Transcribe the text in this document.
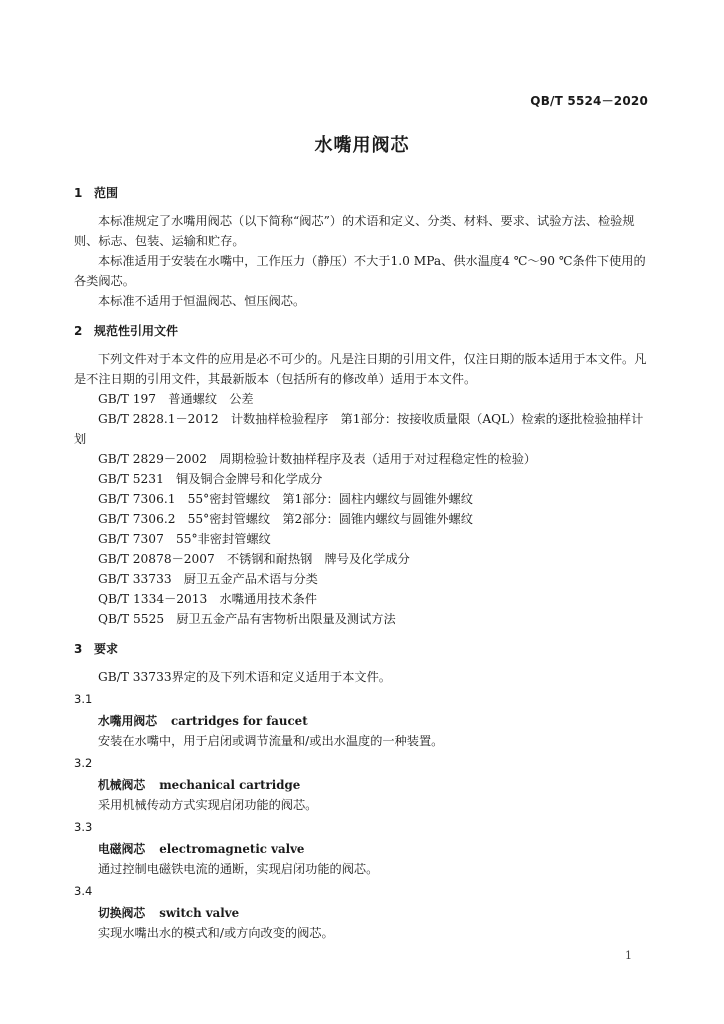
QB/T 5524－2020
水嘴用阀芯
1 范围

本标准规定了水嘴用阀芯（以下简称“阀芯”）的术语和定义、分类、材料、要求、试验方法、检验规则、标志、包装、运输和贮存。

本标准适用于安装在水嘴中，工作压力（静压）不大于1.0 MPa、供水温度4 ℃～90 ℃条件下使用的各类阀芯。

本标准不适用于恒温阀芯、恒压阀芯。

2 规范性引用文件

下列文件对于本文件的应用是必不可少的。凡是注日期的引用文件，仅注日期的版本适用于本文件。凡是不注日期的引用文件，其最新版本（包括所有的修改单）适用于本文件。

GB/T 197　普通螺纹　公差

GB/T 2828.1－2012　计数抽样检验程序　第1部分：按接收质量限（AQL）检索的逐批检验抽样计划

GB/T 2829－2002　周期检验计数抽样程序及表（适用于对过程稳定性的检验）

GB/T 5231　铜及铜合金牌号和化学成分

GB/T 7306.1　55°密封管螺纹　第1部分：圆柱内螺纹与圆锥外螺纹

GB/T 7306.2　55°密封管螺纹　第2部分：圆锥内螺纹与圆锥外螺纹

GB/T 7307　55°非密封管螺纹

GB/T 20878－2007　不锈钢和耐热钢　牌号及化学成分

GB/T 33733　厨卫五金产品术语与分类

QB/T 1334－2013　水嘴通用技术条件

QB/T 5525　厨卫五金产品有害物析出限量及测试方法

3 要求

GB/T 33733界定的及下列术语和定义适用于本文件。

3.1
水嘴用阀芯 cartridges for faucet

安装在水嘴中，用于启闭或调节流量和/或出水温度的一种装置。

3.2
机械阀芯 mechanical cartridge

采用机械传动方式实现启闭功能的阀芯。

3.3
电磁阀芯 electromagnetic valve

通过控制电磁铁电流的通断，实现启闭功能的阀芯。

3.4
切换阀芯 switch valve

实现水嘴出水的模式和/或方向改变的阀芯。

1
